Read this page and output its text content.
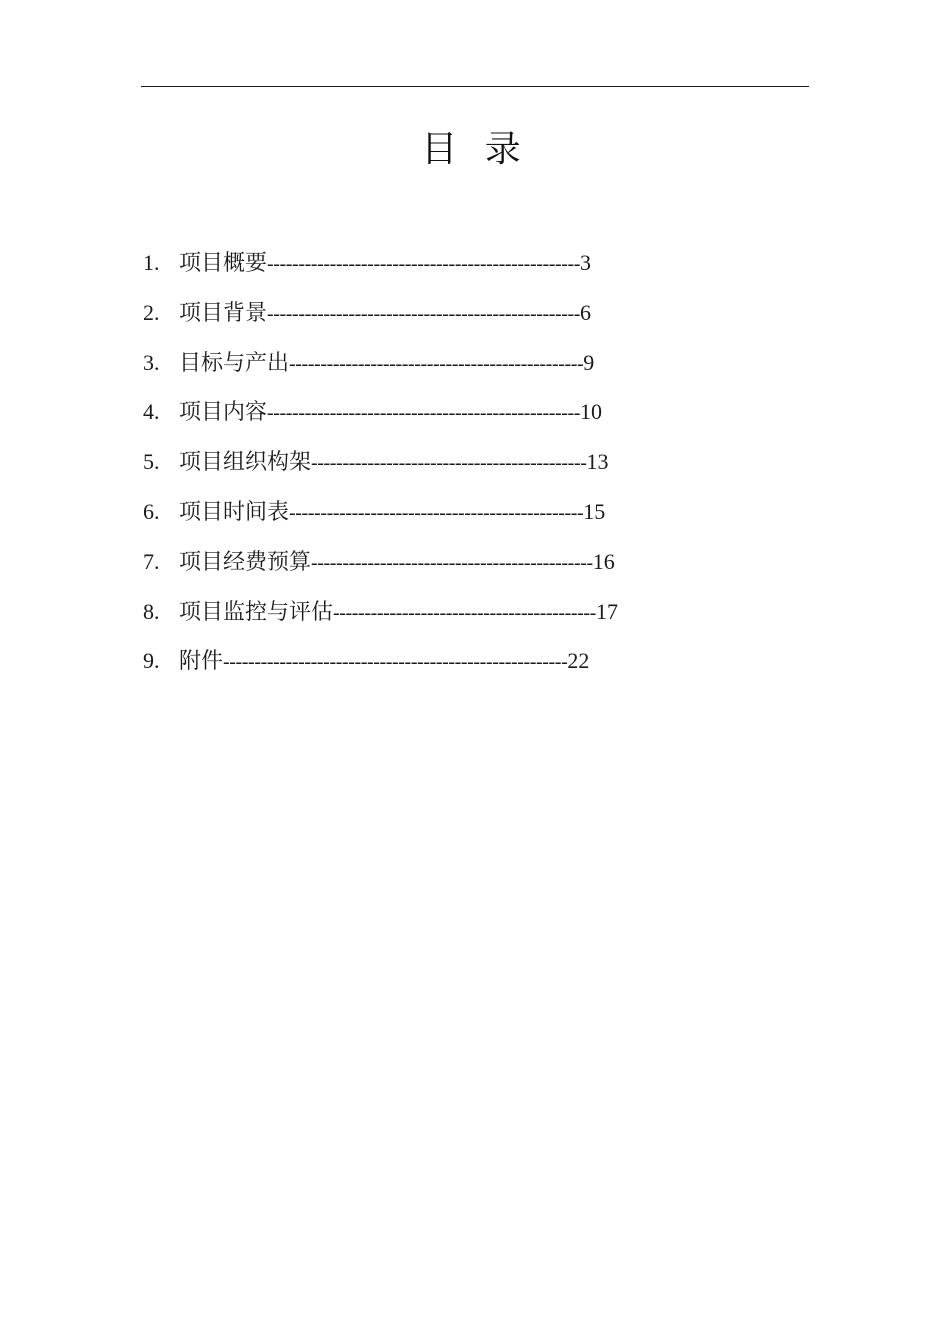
目 录
1. 项目概要--------------------------------------------------3
2. 项目背景--------------------------------------------------6
3. 目标与产出-----------------------------------------------9
4. 项目内容--------------------------------------------------10
5. 项目组织构架--------------------------------------------13
6. 项目时间表-----------------------------------------------15
7. 项目经费预算---------------------------------------------16
8. 项目监控与评估------------------------------------------17
9. 附件-------------------------------------------------------22
